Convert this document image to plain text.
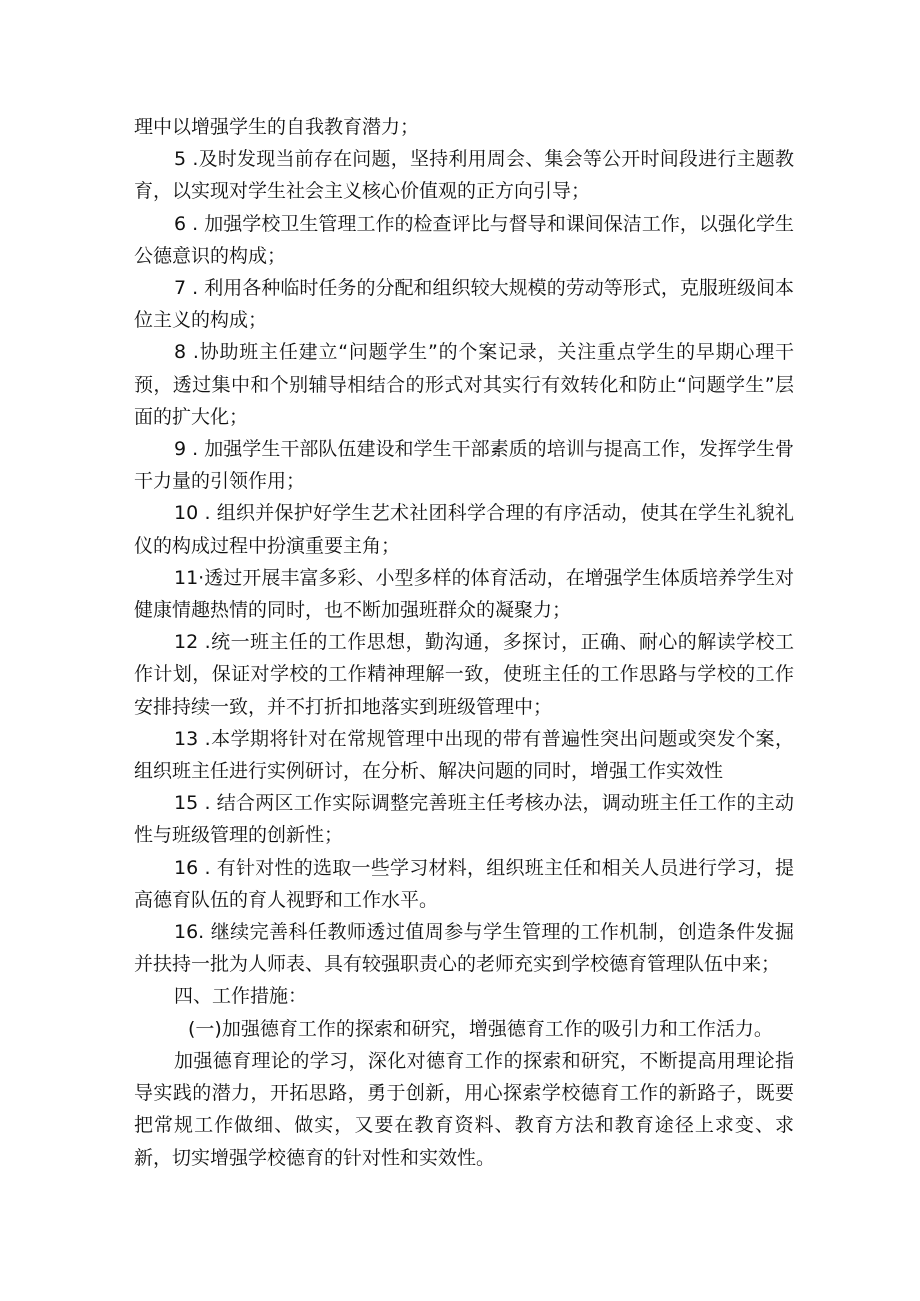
理中以增强学生的自我教育潜力；

5 .及时发现当前存在问题，坚持利用周会、集会等公开时间段进行主题教育，以实现对学生社会主义核心价值观的正方向引导；

6 . 加强学校卫生管理工作的检查评比与督导和课间保洁工作，以强化学生公德意识的构成；

7 . 利用各种临时任务的分配和组织较大规模的劳动等形式，克服班级间本位主义的构成；

8 .协助班主任建立“问题学生”的个案记录，关注重点学生的早期心理干预，透过集中和个别辅导相结合的形式对其实行有效转化和防止“问题学生”层面的扩大化；

9 . 加强学生干部队伍建设和学生干部素质的培训与提高工作，发挥学生骨干力量的引领作用；

10 . 组织并保护好学生艺术社团科学合理的有序活动，使其在学生礼貌礼仪的构成过程中扮演重要主角；

11·透过开展丰富多彩、小型多样的体育活动，在增强学生体质培养学生对健康情趣热情的同时，也不断加强班群众的凝聚力；

12 .统一班主任的工作思想，勤沟通，多探讨，正确、耐心的解读学校工作计划，保证对学校的工作精神理解一致，使班主任的工作思路与学校的工作安排持续一致，并不打折扣地落实到班级管理中；

13 .本学期将针对在常规管理中出现的带有普遍性突出问题或突发个案，组织班主任进行实例研讨，在分析、解决问题的同时，增强工作实效性

15 . 结合两区工作实际调整完善班主任考核办法，调动班主任工作的主动性与班级管理的创新性；

16 . 有针对性的选取一些学习材料，组织班主任和相关人员进行学习，提高德育队伍的育人视野和工作水平。

16. 继续完善科任教师透过值周参与学生管理的工作机制，创造条件发掘并扶持一批为人师表、具有较强职责心的老师充实到学校德育管理队伍中来；

四、工作措施：

(一)加强德育工作的探索和研究，增强德育工作的吸引力和工作活力。

加强德育理论的学习，深化对德育工作的探索和研究，不断提高用理论指导实践的潜力，开拓思路，勇于创新，用心探索学校德育工作的新路子，既要把常规工作做细、做实，又要在教育资料、教育方法和教育途径上求变、求新，切实增强学校德育的针对性和实效性。
